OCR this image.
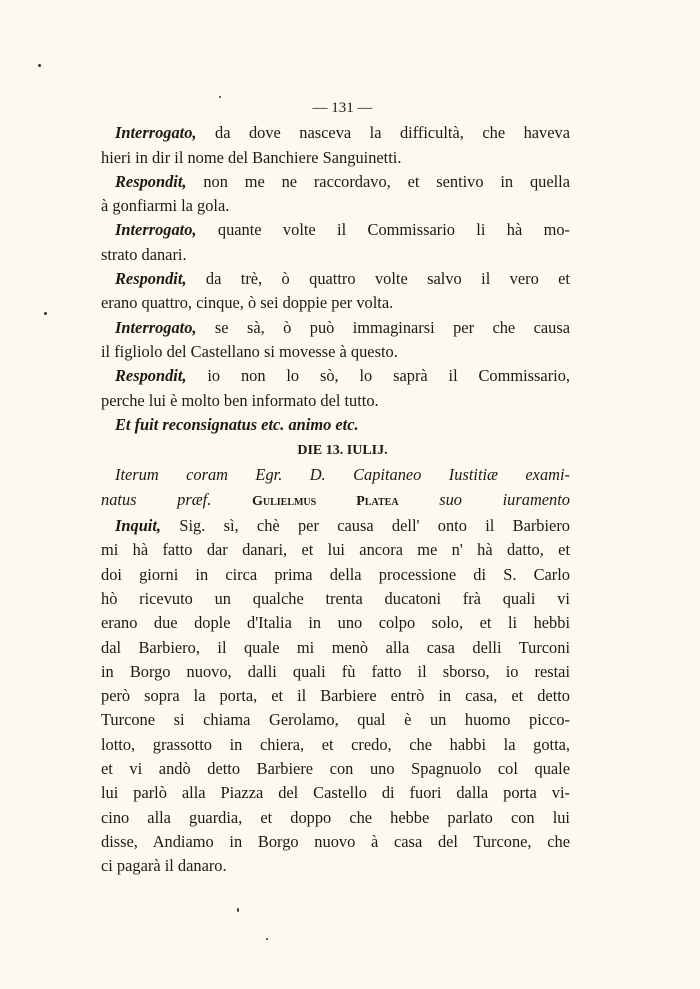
— 131 —
Interrogato, da dove nasceva la difficultà, che haveva
hieri in dir il nome del Banchiere Sanguinetti.
Respondit, non me ne raccordavo, et sentivo in quella
à gonfiarmi la gola.
Interrogato, quante volte il Commissario li hà mo-
strato danari.
Respondit, da trè, ò quattro volte salvo il vero et
erano quattro, cinque, ò sei doppie per volta.
Interrogato, se sà, ò può immaginarsi per che causa
il figliolo del Castellano si movesse à questo.
Respondit, io non lo sò, lo saprà il Commissario,
perche lui è molto ben informato del tutto.
Et fuit reconsignatus etc. animo etc.
DIE 13. IULIJ.
Iterum coram Egr. D. Capitaneo Iustitiæ exami-
natus præf. Gulielmus Platea suo iuramento
Inquit, Sig. sì, chè per causa dell' onto il Barbiero
mi hà fatto dar danari, et lui ancora me n' hà datto, et
doi giorni in circa prima della processione di S. Carlo
hò ricevuto un qualche trenta ducatoni frà quali vi
erano due dople d'Italia in uno colpo solo, et li hebbi
dal Barbiero, il quale mi menò alla casa delli Turconi
in Borgo nuovo, dalli quali fù fatto il sborso, io restai
però sopra la porta, et il Barbiere entrò in casa, et detto
Turcone si chiama Gerolamo, qual è un huomo picco-
lotto, grassotto in chiera, et credo, che habbi la gotta,
et vi andò detto Barbiere con uno Spagnuolo col quale
lui parlò alla Piazza del Castello di fuori dalla porta vi-
cino alla guardia, et doppo che hebbe parlato con lui
disse, Andiamo in Borgo nuovo à casa del Turcone, che
ci pagarà il danaro.
